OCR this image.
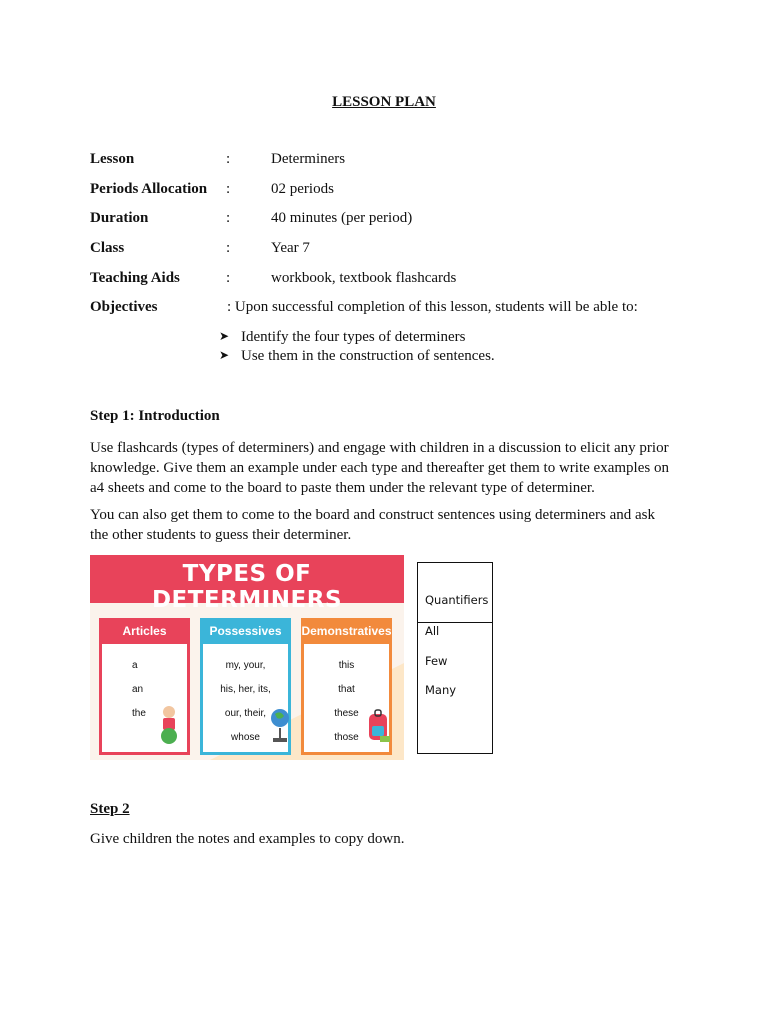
LESSON PLAN
Lesson	:	Determiners
Periods Allocation :	02 periods
Duration	:	40 minutes (per period)
Class	:	Year 7
Teaching Aids	:	workbook, textbook flashcards
Objectives	: Upon successful completion of this lesson, students will be able to:
➤ Identify the four types of determiners
➤ Use them in the construction of sentences.
Step 1: Introduction
Use flashcards (types of determiners) and engage with children in a discussion to elicit any prior
knowledge. Give them an example under each type and thereafter get them to write examples on
a4 sheets and come to the board to paste them under the relevant type of determiner.
You can also get them to come to the board and construct sentences using determiners and ask
the other students to guess their determiner.
TYPES OF DETERMINERS
Articles
a
an
the
Possessives
my, your,
his, her, its,
our, their,
whose
Demonstratives
this
that
these
those
Quantifiers
All
Few
Many
Step 2
Give children the notes and examples to copy down.
